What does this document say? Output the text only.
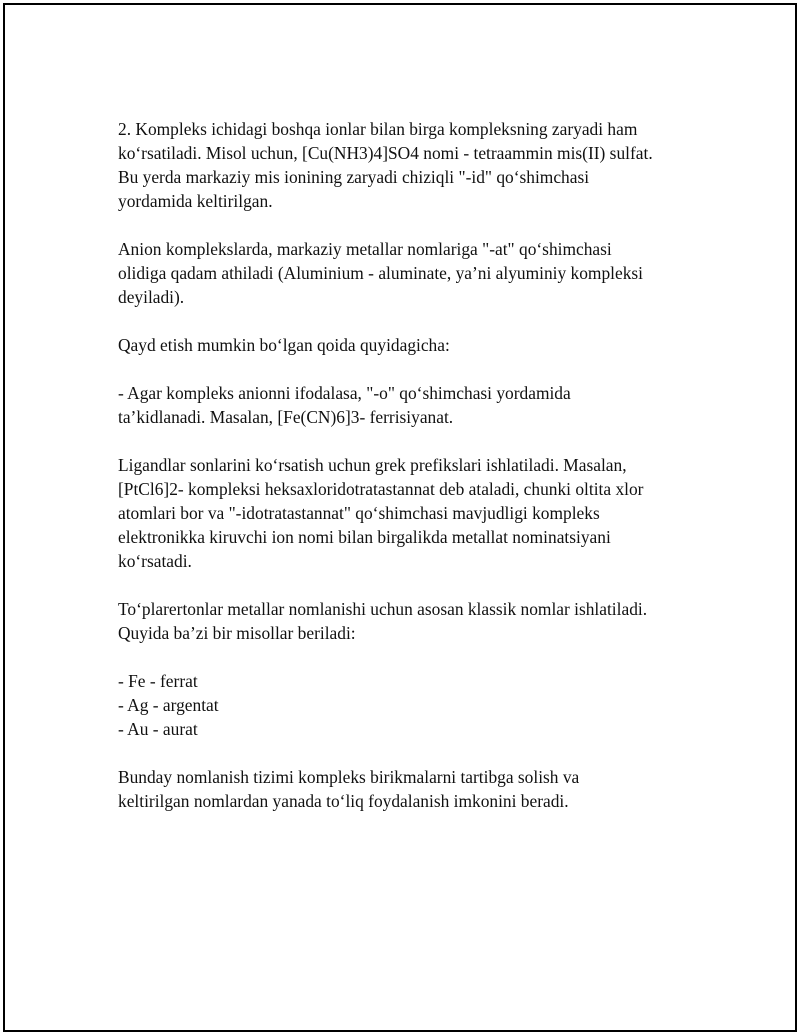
2. Kompleks ichidagi boshqa ionlar bilan birga kompleksning zaryadi ham
ko‘rsatiladi. Misol uchun, [Cu(NH3)4]SO4 nomi - tetraammin mis(II) sulfat.
Bu yerda markaziy mis ionining zaryadi chiziqli "-id" qo‘shimchasi
yordamida keltirilgan.

Anion komplekslarda, markaziy metallar nomlariga "-at" qo‘shimchasi
olidiga qadam athiladi (Aluminium - aluminate, ya’ni alyuminiy kompleksi
deyiladi).

Qayd etish mumkin bo‘lgan qoida quyidagicha:

- Agar kompleks anionni ifodalasa, "-o" qo‘shimchasi yordamida
ta’kidlanadi. Masalan, [Fe(CN)6]3- ferrisiyanat.

Ligandlar sonlarini ko‘rsatish uchun grek prefikslari ishlatiladi. Masalan,
[PtCl6]2- kompleksi heksaxloridotratastannat deb ataladi, chunki oltita xlor
atomlari bor va "-idotratastannat" qo‘shimchasi mavjudligi kompleks
elektronikka kiruvchi ion nomi bilan birgalikda metallat nominatsiyani
ko‘rsatadi.

To‘plarertonlar metallar nomlanishi uchun asosan klassik nomlar ishlatiladi.
Quyida ba’zi bir misollar beriladi:

- Fe - ferrat
- Ag - argentat
- Au - aurat

Bunday nomlanish tizimi kompleks birikmalarni tartibga solish va
keltirilgan nomlardan yanada to‘liq foydalanish imkonini beradi.
